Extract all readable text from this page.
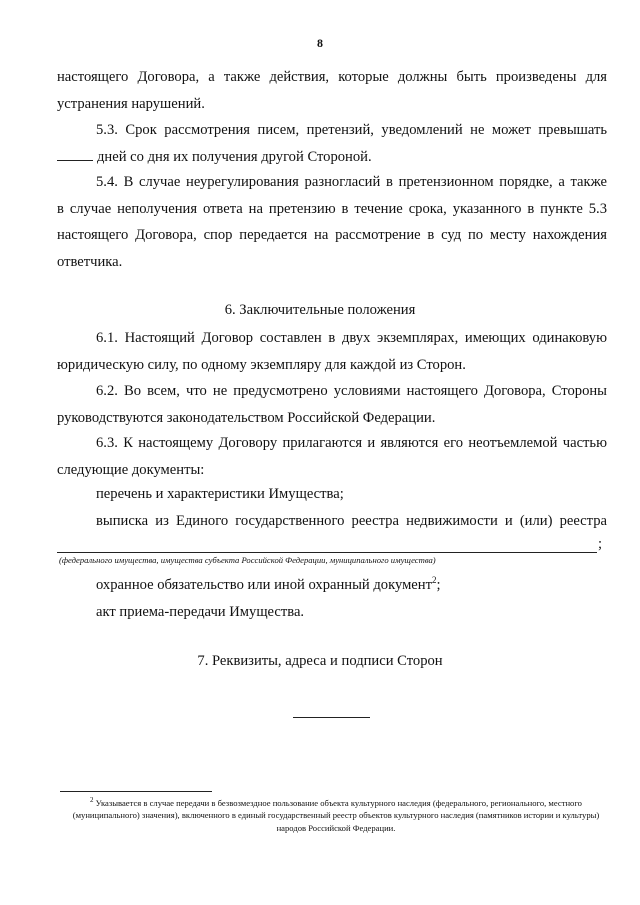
8
настоящего Договора, а также действия, которые должны быть произведены для
устранения нарушений.
5.3. Срок рассмотрения писем, претензий, уведомлений не может превышать
дней со дня их получения другой Стороной.
5.4. В случае неурегулирования разногласий в претензионном порядке, а также
в случае неполучения ответа на претензию в течение срока, указанного в пункте 5.3
настоящего Договора, спор передается на рассмотрение в суд по месту нахождения
ответчика.
6. Заключительные положения
6.1. Настоящий Договор составлен в двух экземплярах, имеющих одинаковую
юридическую силу, по одному экземпляру для каждой из Сторон.
6.2. Во всем, что не предусмотрено условиями настоящего Договора, Стороны
руководствуются законодательством Российской Федерации.
6.3. К настоящему Договору прилагаются и являются его неотъемлемой частью
следующие документы:
перечень и характеристики Имущества;
выписка из Единого государственного реестра недвижимости и (или) реестра
;
(федерального имущества, имущества субъекта Российской Федерации, муниципального имущества)
охранное обязательство или иной охранный документ$^2$;
акт приема-передачи Имущества.
7. Реквизиты, адреса и подписи Сторон
$^2$ Указывается в случае передачи в безвозмездное пользование объекта культурного наследия (федерального, регионального, местного (муниципального) значения), включенного в единый государственный реестр объектов культурного наследия (памятников истории и культуры) народов Российской Федерации.
